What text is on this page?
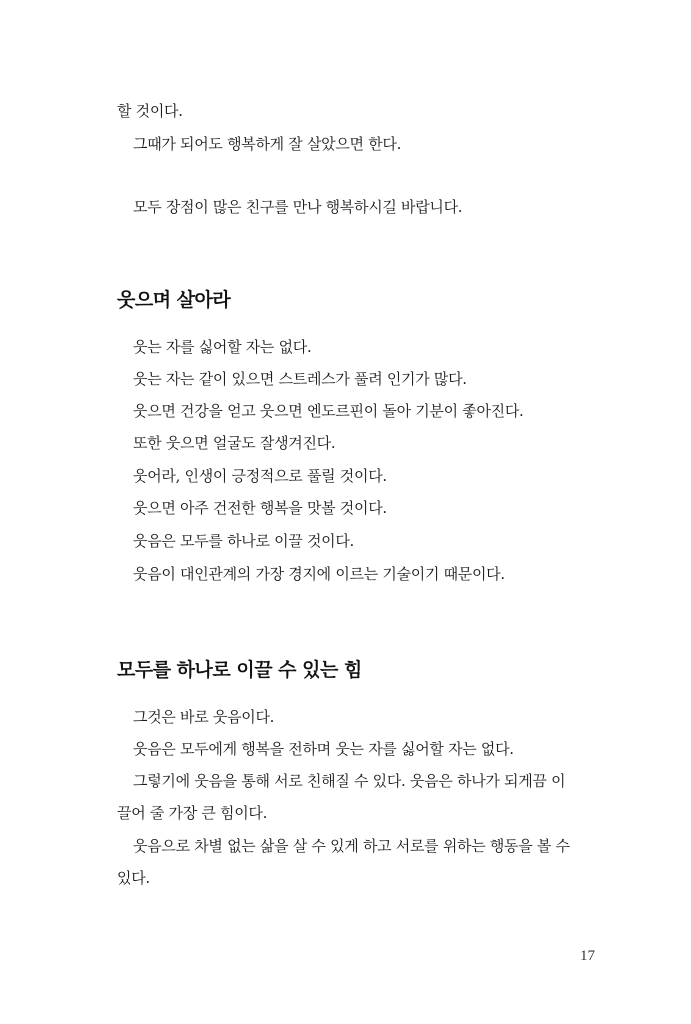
할 것이다.
그때가 되어도 행복하게 잘 살았으면 한다.
모두 장점이 많은 친구를 만나 행복하시길 바랍니다.
웃으며 살아라
웃는 자를 싫어할 자는 없다.
웃는 자는 같이 있으면 스트레스가 풀려 인기가 많다.
웃으면 건강을 얻고 웃으면 엔도르핀이 돌아 기분이 좋아진다.
또한 웃으면 얼굴도 잘생겨진다.
웃어라, 인생이 긍정적으로 풀릴 것이다.
웃으면 아주 건전한 행복을 맛볼 것이다.
웃음은 모두를 하나로 이끌 것이다.
웃음이 대인관계의 가장 경지에 이르는 기술이기 때문이다.
모두를 하나로 이끌 수 있는 힘
그것은 바로 웃음이다.
웃음은 모두에게 행복을 전하며 웃는 자를 싫어할 자는 없다.
그렇기에 웃음을 통해 서로 친해질 수 있다. 웃음은 하나가 되게끔 이
끌어 줄 가장 큰 힘이다.
웃음으로 차별 없는 삶을 살 수 있게 하고 서로를 위하는 행동을 볼 수
있다.
17
